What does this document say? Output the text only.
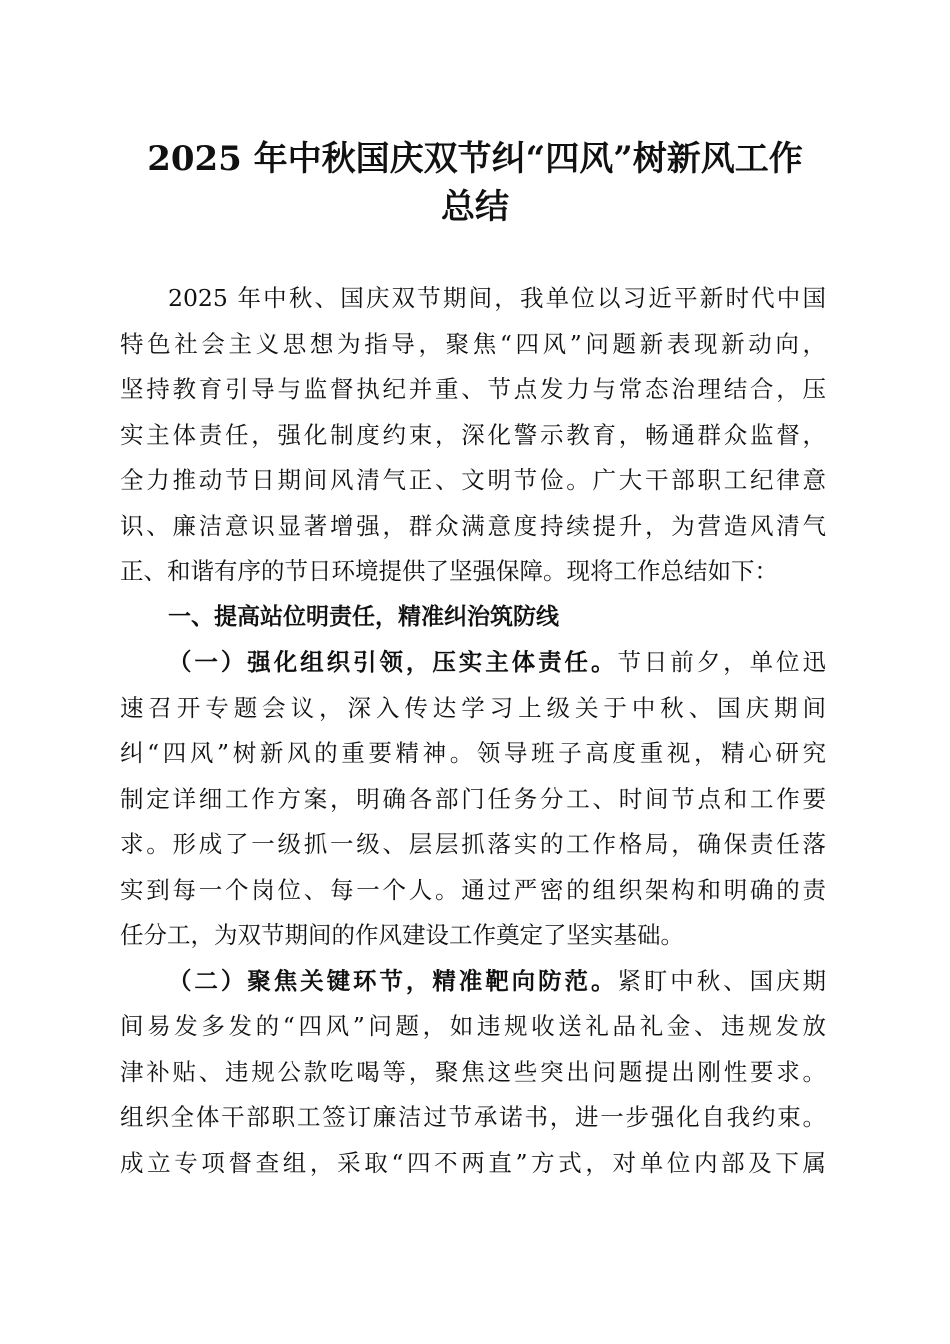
2025 年中秋国庆双节纠“四风”树新风工作
总结
2025 年中秋、国庆双节期间，我单位以习近平新时代中国
特色社会主义思想为指导，聚焦“四风”问题新表现新动向，
坚持教育引导与监督执纪并重、节点发力与常态治理结合，压
实主体责任，强化制度约束，深化警示教育，畅通群众监督，
全力推动节日期间风清气正、文明节俭。广大干部职工纪律意
识、廉洁意识显著增强，群众满意度持续提升，为营造风清气
正、和谐有序的节日环境提供了坚强保障。现将工作总结如下：
一、提高站位明责任，精准纠治筑防线
（一）强化组织引领，压实主体责任。节日前夕，单位迅
速召开专题会议，深入传达学习上级关于中秋、国庆期间
纠“四风”树新风的重要精神。领导班子高度重视，精心研究
制定详细工作方案，明确各部门任务分工、时间节点和工作要
求。形成了一级抓一级、层层抓落实的工作格局，确保责任落
实到每一个岗位、每一个人。通过严密的组织架构和明确的责
任分工，为双节期间的作风建设工作奠定了坚实基础。
（二）聚焦关键环节，精准靶向防范。紧盯中秋、国庆期
间易发多发的“四风”问题，如违规收送礼品礼金、违规发放
津补贴、违规公款吃喝等，聚焦这些突出问题提出刚性要求。
组织全体干部职工签订廉洁过节承诺书，进一步强化自我约束。
成立专项督查组，采取“四不两直”方式，对单位内部及下属
